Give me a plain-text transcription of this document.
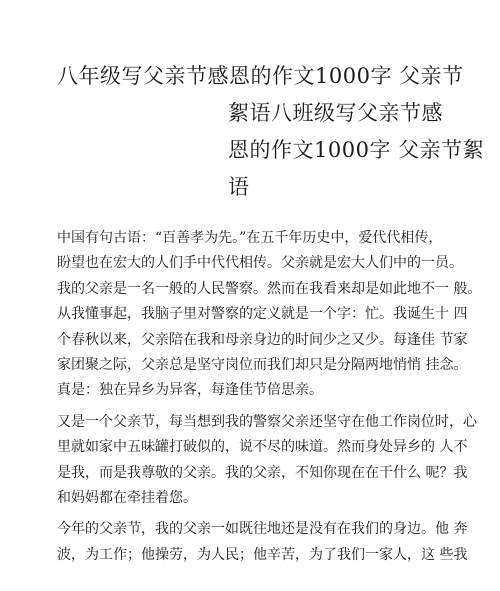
八年级写父亲节感恩的作文1000字 父亲节
絮语八班级写父亲节感
恩的作文1000字 父亲节絮
语

中国有句古语：“百善孝为先。”在五千年历史中，爱代代相传，
盼望也在宏大的人们手中代代相传。父亲就是宏大人们中的一员。
我的父亲是一名一般的人民警察。然而在我看来却是如此地不一 般。
从我懂事起，我脑子里对警察的定义就是一个字：忙。我诞生十 四
个春秋以来，父亲陪在我和母亲身边的时间少之又少。每逢佳 节家
家团聚之际，父亲总是坚守岗位而我们却只是分隔两地悄悄 挂念。
真是：独在异乡为异客，每逢佳节倍思亲。

又是一个父亲节，每当想到我的警察父亲还坚守在他工作岗位时，心
里就如家中五味罐打破似的，说不尽的味道。然而身处异乡的 人不
是我，而是我尊敬的父亲。我的父亲，不知你现在在干什么 呢？我
和妈妈都在牵挂着您。

今年的父亲节，我的父亲一如既往地还是没有在我们的身边。他 奔
波，为工作；他操劳，为人民；他辛苦，为了我们一家人，这 些我
